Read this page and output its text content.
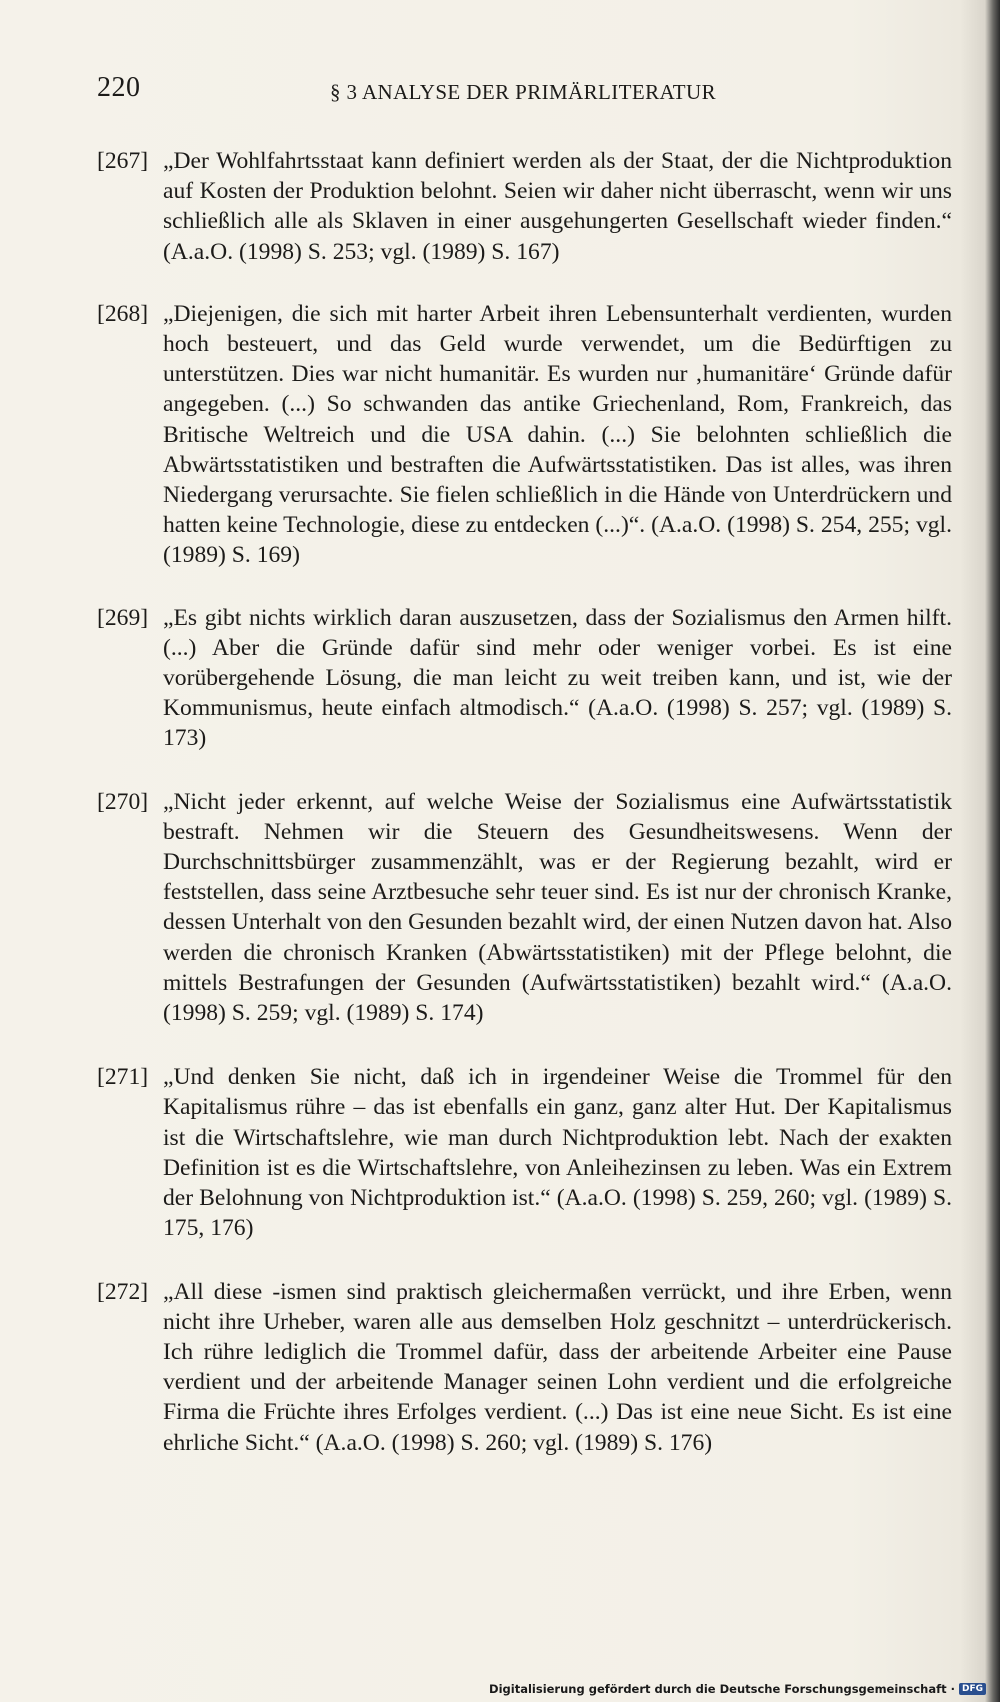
220	§ 3 ANALYSE DER PRIMÄRLITERATUR
[267] „Der Wohlfahrtsstaat kann definiert werden als der Staat, der die Nichtproduktion auf Kosten der Produktion belohnt. Seien wir daher nicht überrascht, wenn wir uns schließlich alle als Sklaven in einer ausgehungerten Gesellschaft wieder finden.“ (A.a.O. (1998) S. 253; vgl. (1989) S. 167)
[268] „Diejenigen, die sich mit harter Arbeit ihren Lebensunterhalt verdienten, wurden hoch besteuert, und das Geld wurde verwendet, um die Bedürftigen zu unterstützen. Dies war nicht humanitär. Es wurden nur ‚humanitäre‘ Gründe dafür angegeben. (...) So schwanden das antike Griechenland, Rom, Frankreich, das Britische Weltreich und die USA dahin. (...) Sie belohnten schließlich die Abwärtsstatistiken und bestraften die Aufwärtsstatistiken. Das ist alles, was ihren Niedergang verursachte. Sie fielen schließlich in die Hände von Unterdrückern und hatten keine Technologie, diese zu entdecken (...)“. (A.a.O. (1998) S. 254, 255; vgl. (1989) S. 169)
[269] „Es gibt nichts wirklich daran auszusetzen, dass der Sozialismus den Armen hilft. (...) Aber die Gründe dafür sind mehr oder weniger vorbei. Es ist eine vorübergehende Lösung, die man leicht zu weit treiben kann, und ist, wie der Kommunismus, heute einfach altmodisch.“ (A.a.O. (1998) S. 257; vgl. (1989) S. 173)
[270] „Nicht jeder erkennt, auf welche Weise der Sozialismus eine Aufwärtsstatistik bestraft. Nehmen wir die Steuern des Gesundheitswesens. Wenn der Durchschnittsbürger zusammenzählt, was er der Regierung bezahlt, wird er feststellen, dass seine Arztbesuche sehr teuer sind. Es ist nur der chronisch Kranke, dessen Unterhalt von den Gesunden bezahlt wird, der einen Nutzen davon hat. Also werden die chronisch Kranken (Abwärtsstatistiken) mit der Pflege belohnt, die mittels Bestrafungen der Gesunden (Aufwärtsstatistiken) bezahlt wird.“ (A.a.O. (1998) S. 259; vgl. (1989) S. 174)
[271] „Und denken Sie nicht, daß ich in irgendeiner Weise die Trommel für den Kapitalismus rühre – das ist ebenfalls ein ganz, ganz alter Hut. Der Kapitalismus ist die Wirtschaftslehre, wie man durch Nichtproduktion lebt. Nach der exakten Definition ist es die Wirtschaftslehre, von Anleihezinsen zu leben. Was ein Extrem der Belohnung von Nichtproduktion ist.“ (A.a.O. (1998) S. 259, 260; vgl. (1989) S. 175, 176)
[272] „All diese -ismen sind praktisch gleichermaßen verrückt, und ihre Erben, wenn nicht ihre Urheber, waren alle aus demselben Holz geschnitzt – unterdrückerisch. Ich rühre lediglich die Trommel dafür, dass der arbeitende Arbeiter eine Pause verdient und der arbeitende Manager seinen Lohn verdient und die erfolgreiche Firma die Früchte ihres Erfolges verdient. (...) Das ist eine neue Sicht. Es ist eine ehrliche Sicht.“ (A.a.O. (1998) S. 260; vgl. (1989) S. 176)
Digitalisierung gefördert durch die Deutsche Forschungsgemeinschaft · DFG
